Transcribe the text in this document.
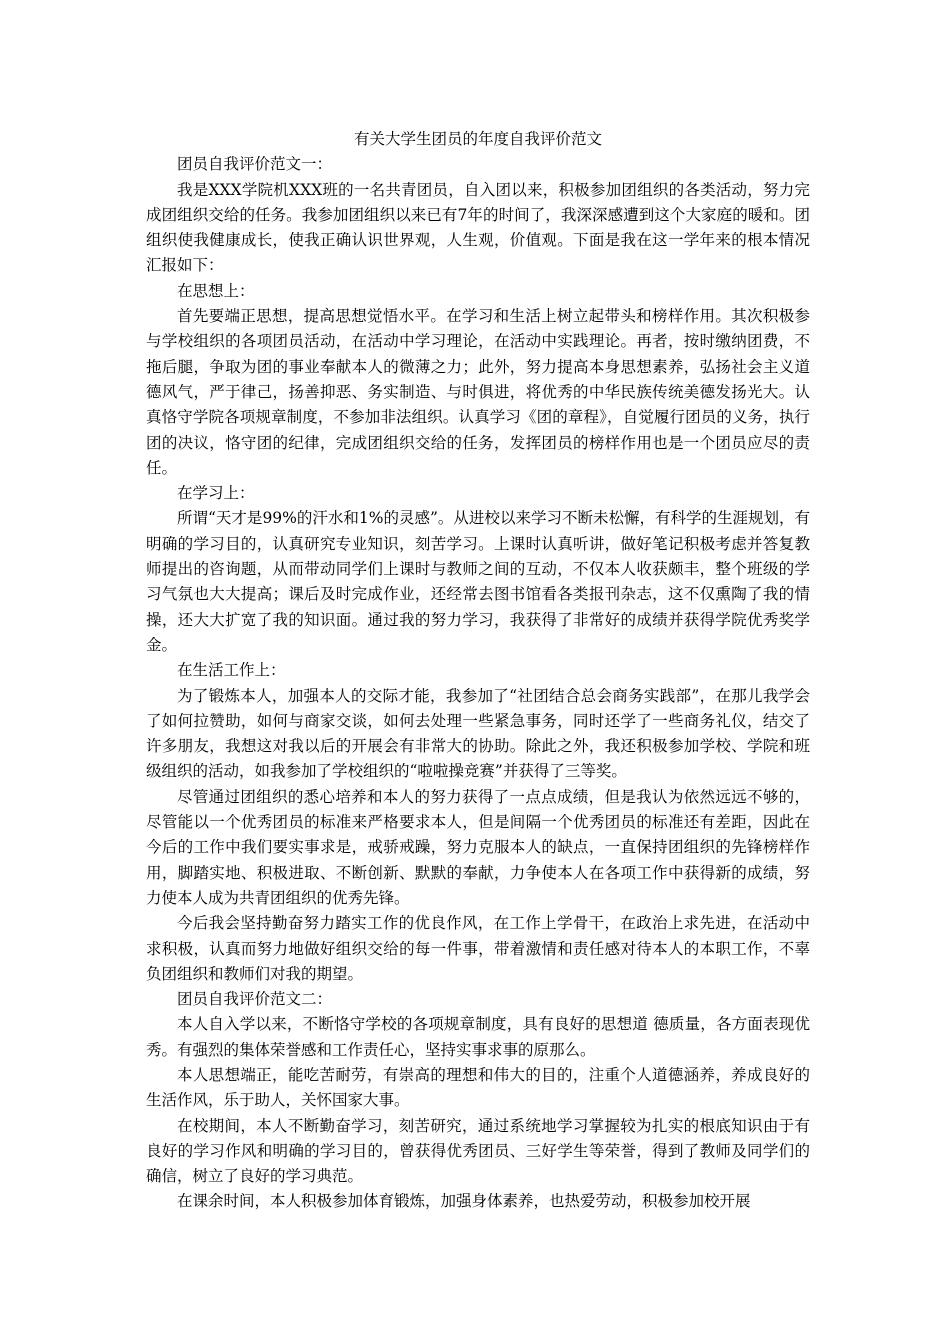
有关大学生团员的年度自我评价范文

团员自我评价范文一：

我是XXX学院机XXX班的一名共青团员，自入团以来，积极参加团组织的各类活动，努力完成团组织交给的任务。我参加团组织以来已有7年的时间了，我深深感遭到这个大家庭的暖和。团组织使我健康成长，使我正确认识世界观，人生观，价值观。下面是我在这一学年来的根本情况汇报如下：

在思想上：

首先要端正思想，提高思想觉悟水平。在学习和生活上树立起带头和榜样作用。其次积极参与学校组织的各项团员活动，在活动中学习理论，在活动中实践理论。再者，按时缴纳团费，不拖后腿，争取为团的事业奉献本人的微薄之力；此外，努力提高本身思想素养，弘扬社会主义道德风气，严于律己，扬善抑恶、务实制造、与时俱进，将优秀的中华民族传统美德发扬光大。认真恪守学院各项规章制度，不参加非法组织。认真学习《团的章程》，自觉履行团员的义务，执行团的决议，恪守团的纪律，完成团组织交给的任务，发挥团员的榜样作用也是一个团员应尽的责任。

在学习上：

所谓“天才是99%的汗水和1%的灵感”。从进校以来学习不断未松懈，有科学的生涯规划，有明确的学习目的，认真研究专业知识，刻苦学习。上课时认真听讲，做好笔记积极考虑并答复教师提出的咨询题，从而带动同学们上课时与教师之间的互动，不仅本人收获颇丰，整个班级的学习气氛也大大提高；课后及时完成作业，还经常去图书馆看各类报刊杂志，这不仅熏陶了我的情操，还大大扩宽了我的知识面。通过我的努力学习，我获得了非常好的成绩并获得学院优秀奖学金。

在生活工作上：

为了锻炼本人，加强本人的交际才能，我参加了“社团结合总会商务实践部”，在那儿我学会了如何拉赞助，如何与商家交谈，如何去处理一些紧急事务，同时还学了一些商务礼仪，结交了许多朋友，我想这对我以后的开展会有非常大的协助。除此之外，我还积极参加学校、学院和班级组织的活动，如我参加了学校组织的“啦啦操竞赛”并获得了三等奖。

尽管通过团组织的悉心培养和本人的努力获得了一点点成绩，但是我认为依然远远不够的，尽管能以一个优秀团员的标准来严格要求本人，但是间隔一个优秀团员的标准还有差距，因此在今后的工作中我们要实事求是，戒骄戒躁，努力克服本人的缺点，一直保持团组织的先锋榜样作用，脚踏实地、积极进取、不断创新、默默的奉献，力争使本人在各项工作中获得新的成绩，努力使本人成为共青团组织的优秀先锋。

今后我会坚持勤奋努力踏实工作的优良作风，在工作上学骨干，在政治上求先进，在活动中求积极，认真而努力地做好组织交给的每一件事，带着激情和责任感对待本人的本职工作，不辜负团组织和教师们对我的期望。

团员自我评价范文二：

本人自入学以来，不断恪守学校的各项规章制度，具有良好的思想道 德质量，各方面表现优秀。有强烈的集体荣誉感和工作责任心，坚持实事求事的原那么。

本人思想端正，能吃苦耐劳，有崇高的理想和伟大的目的，注重个人道德涵养，养成良好的生活作风，乐于助人，关怀国家大事。

在校期间，本人不断勤奋学习，刻苦研究，通过系统地学习掌握较为扎实的根底知识由于有良好的学习作风和明确的学习目的，曾获得优秀团员、三好学生等荣誉，得到了教师及同学们的确信，树立了良好的学习典范。

在课余时间，本人积极参加体育锻炼，加强身体素养，也热爱劳动，积极参加校开展
